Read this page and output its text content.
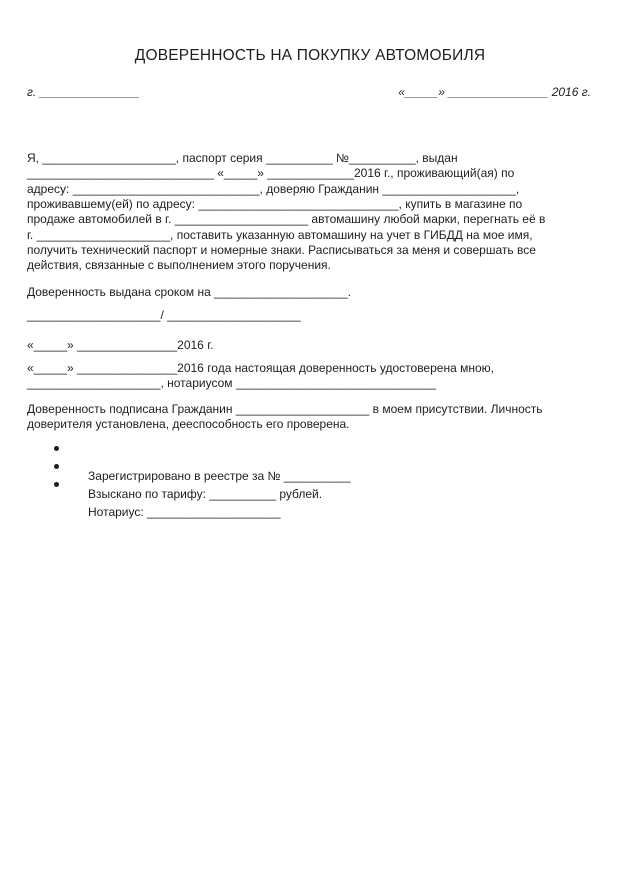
ДОВЕРЕННОСТЬ НА ПОКУПКУ АВТОМОБИЛЯ
г. _______________	«_____» _______________ 2016 г.
Я, ____________________, паспорт серия __________ №__________, выдан
____________________________ «_____» _____________2016 г., проживающий(ая) по
адресу: ____________________________, доверяю Гражданин ____________________,
проживавшему(ей) по адресу: ______________________________, купить в магазине по
продаже автомобилей в г. ____________________ автомашину любой марки, перегнать её в
г. ____________________, поставить указанную автомашину на учет в ГИБДД на мое имя,
получить технический паспорт и номерные знаки. Расписываться за меня и совершать все
действия, связанные с выполнением этого поручения.
Доверенность выдана сроком на ____________________.
____________________/ ____________________
«_____» _______________2016 г.
«_____» _______________2016 года настоящая доверенность удостоверена мною,
____________________, нотариусом ______________________________
Доверенность подписана Гражданин ____________________ в моем присутствии. Личность
доверителя установлена, дееспособность его проверена.

Зарегистрировано в реестре за № __________

Взыскано по тарифу: __________ рублей.

Нотариус: ____________________
